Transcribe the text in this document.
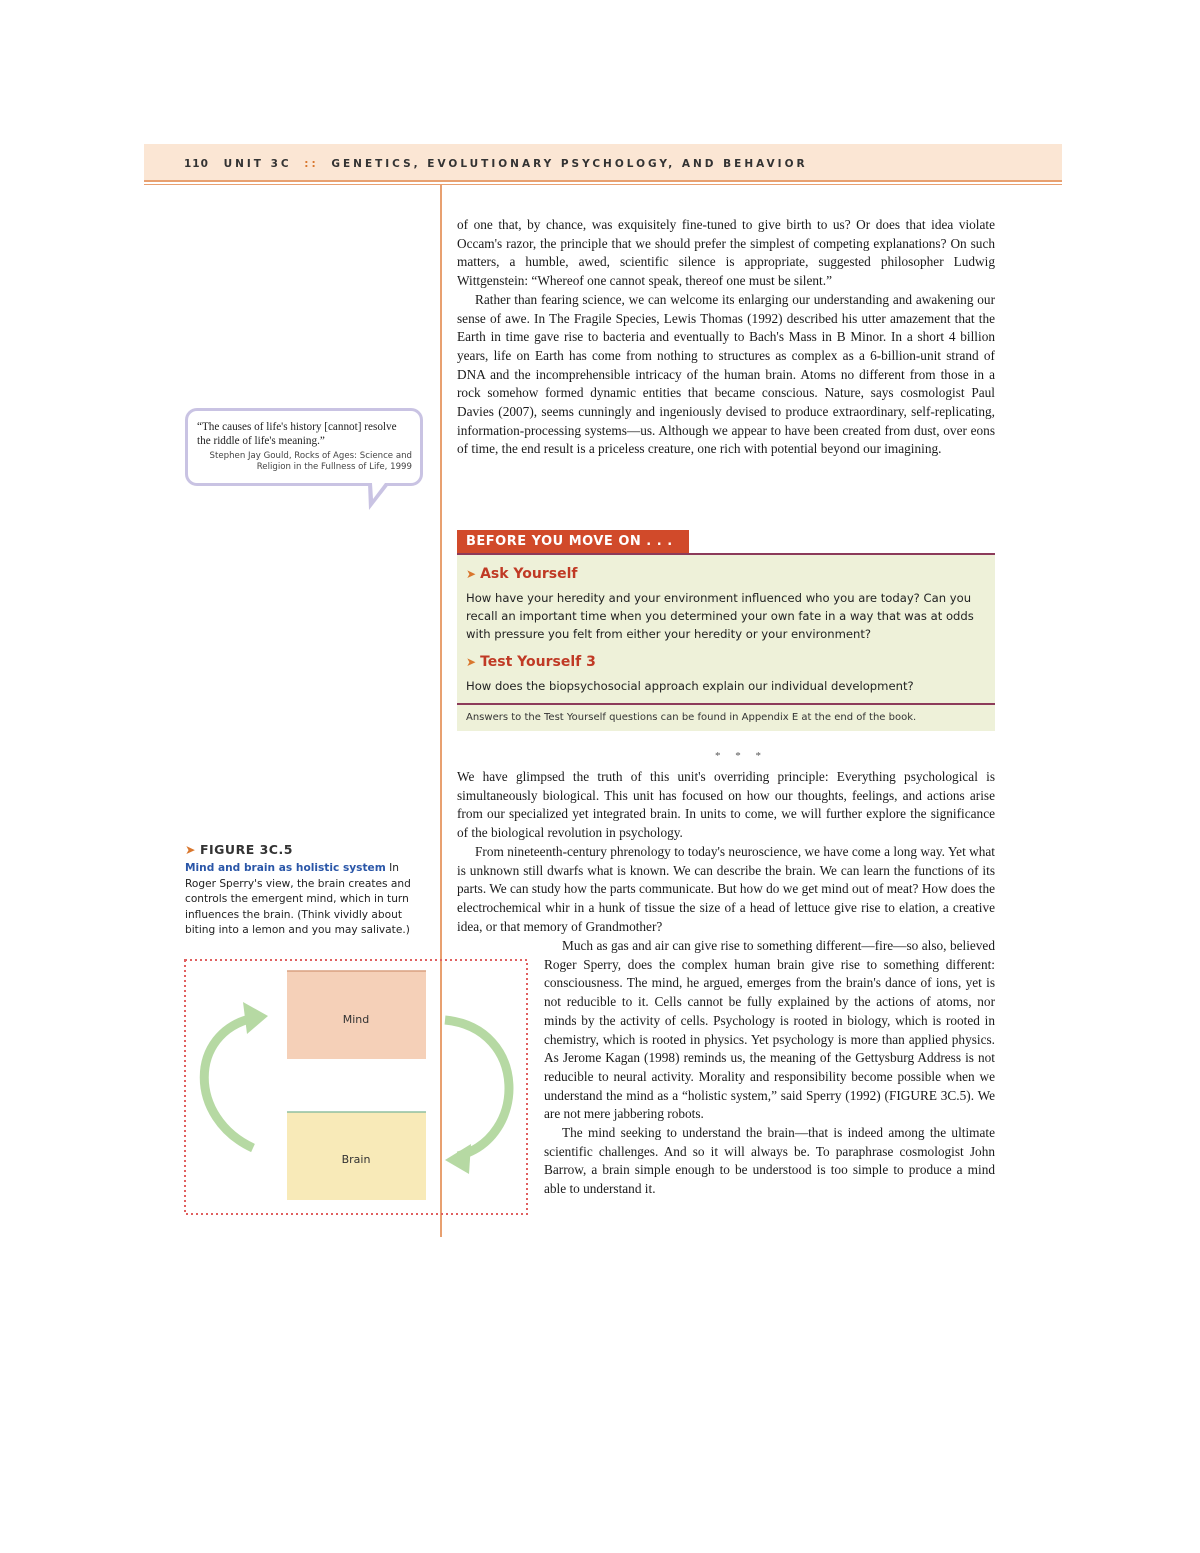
110 UNIT 3C :: GENETICS, EVOLUTIONARY PSYCHOLOGY, AND BEHAVIOR

of one that, by chance, was exquisitely fine-tuned to give birth to us? Or does that idea violate Occam's razor, the principle that we should prefer the simplest of competing explanations? On such matters, a humble, awed, scientific silence is appropriate, suggested philosopher Ludwig Wittgenstein: “Whereof one cannot speak, thereof one must be silent.”

Rather than fearing science, we can welcome its enlarging our understanding and awakening our sense of awe. In The Fragile Species, Lewis Thomas (1992) described his utter amazement that the Earth in time gave rise to bacteria and eventually to Bach's Mass in B Minor. In a short 4 billion years, life on Earth has come from nothing to structures as complex as a 6-billion-unit strand of DNA and the incomprehensible intricacy of the human brain. Atoms no different from those in a rock somehow formed dynamic entities that became conscious. Nature, says cosmologist Paul Davies (2007), seems cunningly and ingeniously devised to produce extraordinary, self-replicating, information-processing systems—us. Although we appear to have been created from dust, over eons of time, the end result is a priceless creature, one rich with potential beyond our imagining.

“The causes of life's history [cannot] resolve the riddle of life's meaning.”
Stephen Jay Gould, Rocks of Ages: Science and Religion in the Fullness of Life, 1999
BEFORE YOU MOVE ON . . .
➤ Ask Yourself
How have your heredity and your environment influenced who you are today? Can you recall an important time when you determined your own fate in a way that was at odds with pressure you felt from either your heredity or your environment?
➤ Test Yourself 3
How does the biopsychosocial approach explain our individual development?
Answers to the Test Yourself questions can be found in Appendix E at the end of the book.
* * *

We have glimpsed the truth of this unit's overriding principle: Everything psychological is simultaneously biological. This unit has focused on how our thoughts, feelings, and actions arise from our specialized yet integrated brain. In units to come, we will further explore the significance of the biological revolution in psychology.

From nineteenth-century phrenology to today's neuroscience, we have come a long way. Yet what is unknown still dwarfs what is known. We can describe the brain. We can learn the functions of its parts. We can study how the parts communicate. But how do we get mind out of meat? How does the electrochemical whir in a hunk of tissue the size of a head of lettuce give rise to elation, a creative idea, or that memory of Grandmother?

Much as gas and air can give rise to something different—fire—so also, believed Roger Sperry, does the complex human brain give rise to something different: consciousness. The mind, he argued, emerges from the brain's dance of ions, yet is not reducible to it. Cells cannot be fully explained by the actions of atoms, nor minds by the activity of cells. Psychology is rooted in biology, which is rooted in chemistry, which is rooted in physics. Yet psychology is more than applied physics. As Jerome Kagan (1998) reminds us, the meaning of the Gettysburg Address is not reducible to neural activity. Morality and responsibility become possible when we understand the mind as a “holistic system,” said Sperry (1992) (FIGURE 3C.5). We are not mere jabbering robots.

The mind seeking to understand the brain—that is indeed among the ultimate scientific challenges. And so it will always be. To paraphrase cosmologist John Barrow, a brain simple enough to be understood is too simple to produce a mind able to understand it.

➤ FIGURE 3C.5
Mind and brain as holistic system In Roger Sperry's view, the brain creates and controls the emergent mind, which in turn influences the brain. (Think vividly about biting into a lemon and you may salivate.)
Mind
Brain
